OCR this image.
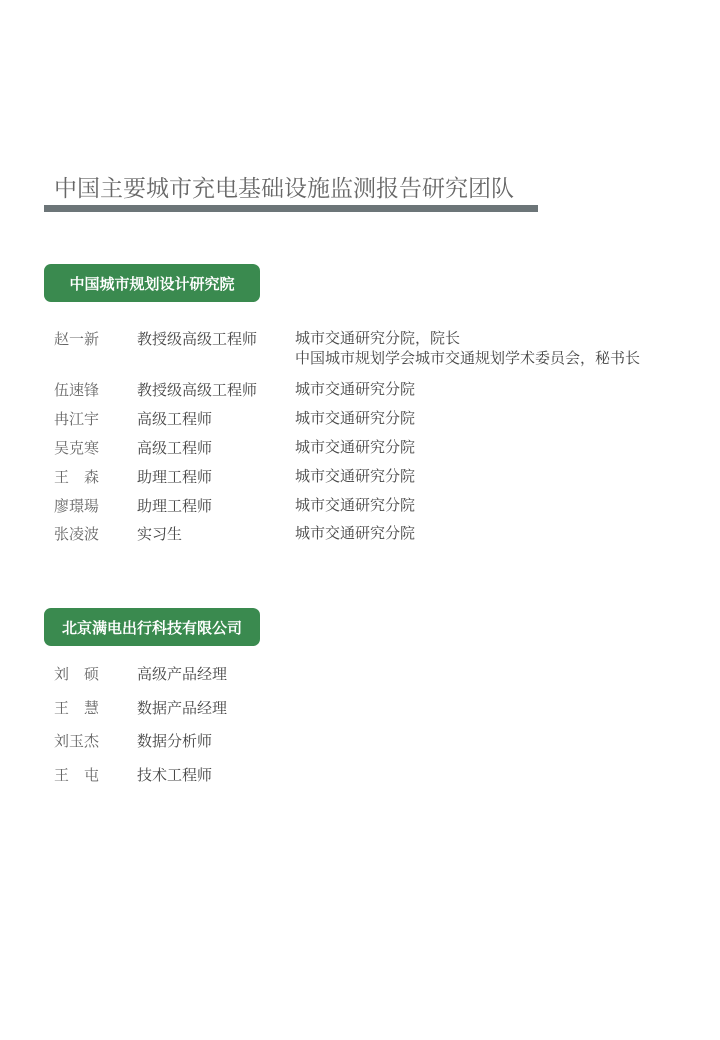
中国主要城市充电基础设施监测报告研究团队
中国城市规划设计研究院
赵一新	教授级高级工程师	城市交通研究分院，院长
中国城市规划学会城市交通规划学术委员会，秘书长
伍速锋	教授级高级工程师	城市交通研究分院
冉江宇	高级工程师	城市交通研究分院
吴克寒	高级工程师	城市交通研究分院
王　森	助理工程师	城市交通研究分院
廖璟瑒	助理工程师	城市交通研究分院
张凌波	实习生	城市交通研究分院
北京满电出行科技有限公司
刘　硕	高级产品经理
王　慧	数据产品经理
刘玉杰	数据分析师
王　屯	技术工程师
